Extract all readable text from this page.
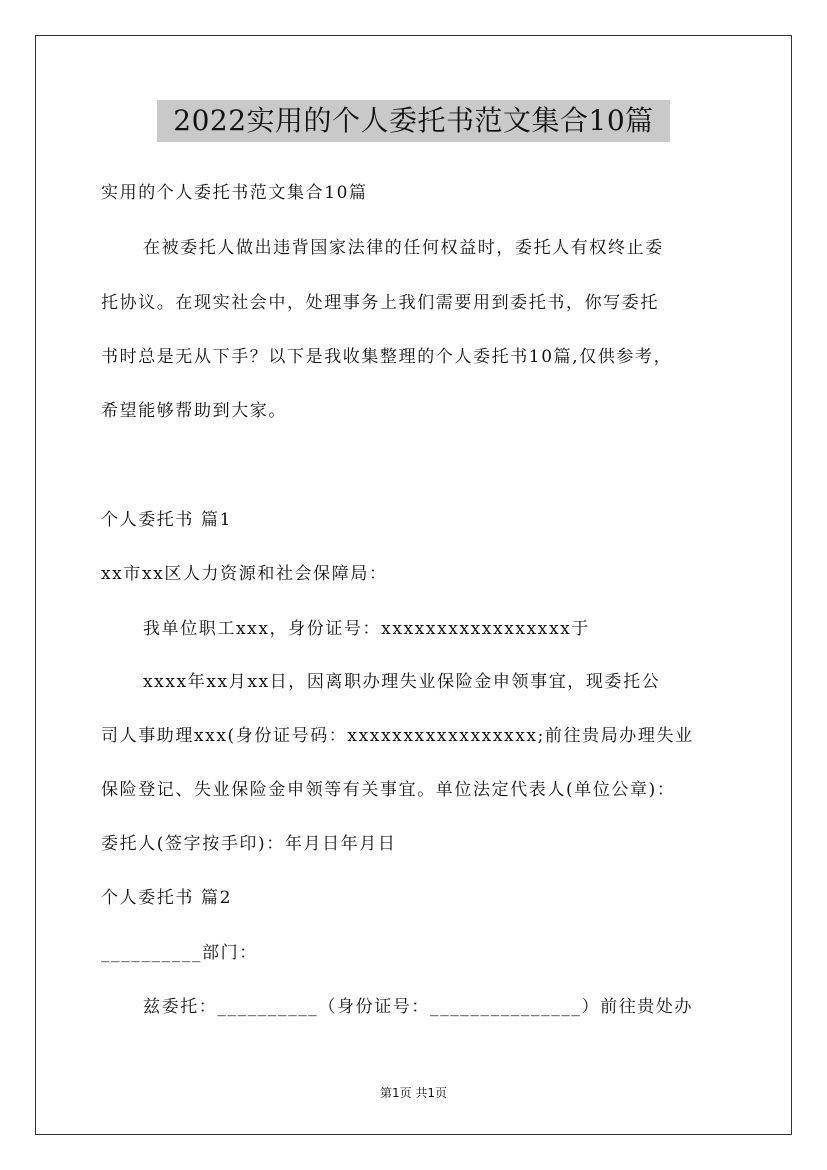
2022实用的个人委托书范文集合10篇
实用的个人委托书范文集合10篇
在被委托人做出违背国家法律的任何权益时，委托人有权终止委
托协议。在现实社会中，处理事务上我们需要用到委托书，你写委托
书时总是无从下手？以下是我收集整理的个人委托书10篇,仅供参考，
希望能够帮助到大家。
个人委托书 篇1
xx市xx区人力资源和社会保障局：
我单位职工xxx，身份证号：xxxxxxxxxxxxxxxxx于
xxxx年xx月xx日，因离职办理失业保险金申领事宜，现委托公
司人事助理xxx(身份证号码：xxxxxxxxxxxxxxxxx;前往贵局办理失业
保险登记、失业保险金申领等有关事宜。单位法定代表人(单位公章)：
委托人(签字按手印)：年月日年月日
个人委托书 篇2
__________部门：
兹委托：__________（身份证号：_______________）前往贵处办
第1页 共1页
